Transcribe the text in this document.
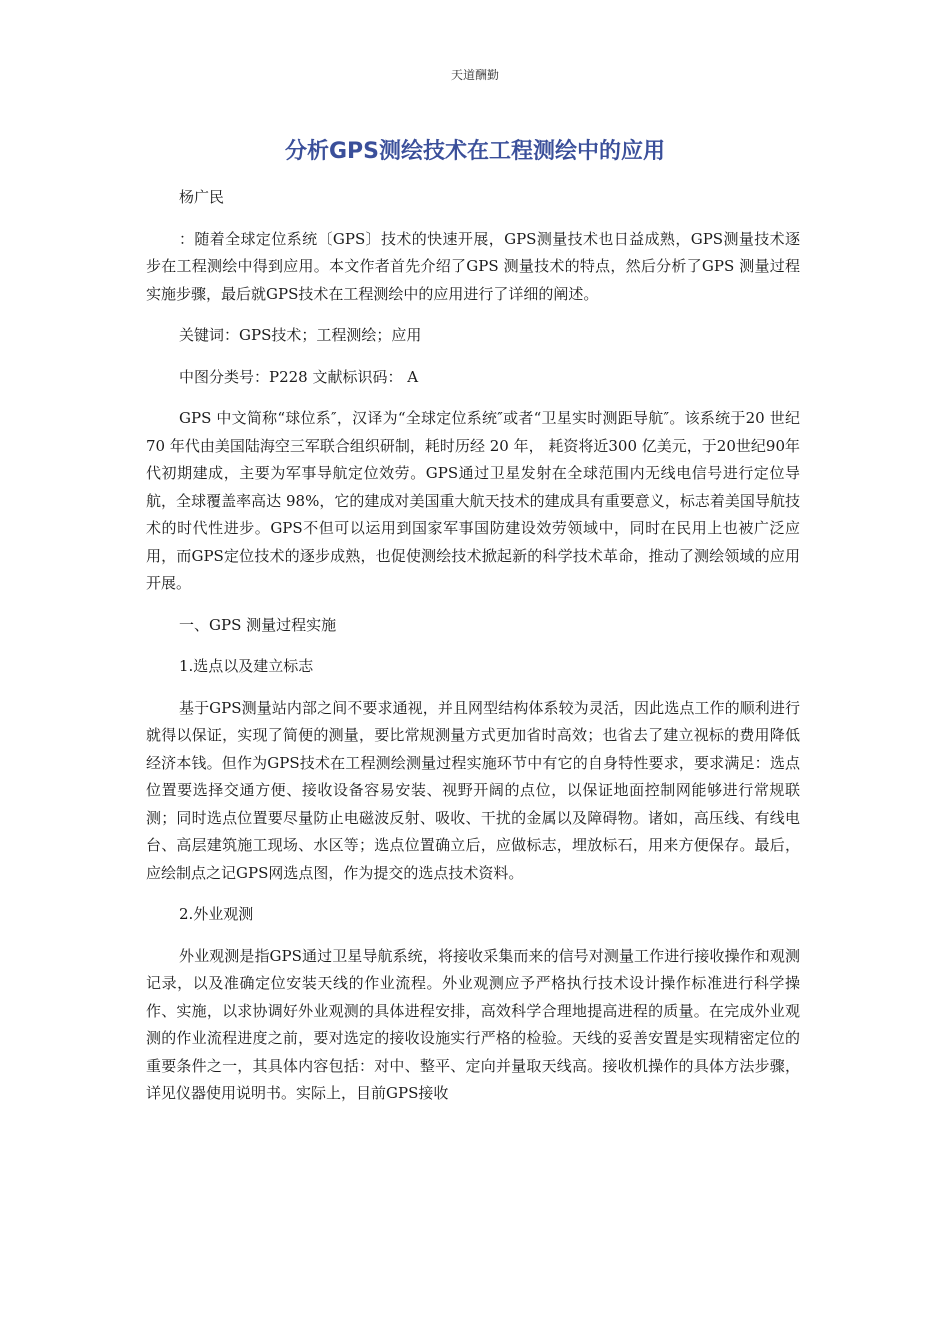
天道酬勤
分析GPS测绘技术在工程测绘中的应用

杨广民

：随着全球定位系统〔GPS〕技术的快速开展，GPS测量技术也日益成熟，GPS测量技术逐步在工程测绘中得到应用。本文作者首先介绍了GPS 测量技术的特点，然后分析了GPS 测量过程实施步骤，最后就GPS技术在工程测绘中的应用进行了详细的阐述。

关键词：GPS技术；工程测绘；应用

中图分类号：P228 文献标识码： A

GPS 中文简称“球位系″，汉译为“全球定位系统″或者“卫星实时测距导航″。该系统于20 世纪70 年代由美国陆海空三军联合组织研制，耗时历经 20 年， 耗资将近300 亿美元，于20世纪90年代初期建成，主要为军事导航定位效劳。GPS通过卫星发射在全球范围内无线电信号进行定位导航，全球覆盖率高达 98%，它的建成对美国重大航天技术的建成具有重要意义，标志着美国导航技术的时代性进步。GPS不但可以运用到国家军事国防建设效劳领域中，同时在民用上也被广泛应用，而GPS定位技术的逐步成熟，也促使测绘技术掀起新的科学技术革命，推动了测绘领域的应用开展。

一、GPS 测量过程实施

1.选点以及建立标志

基于GPS测量站内部之间不要求通视，并且网型结构体系较为灵活，因此选点工作的顺利进行就得以保证，实现了简便的测量，要比常规测量方式更加省时高效；也省去了建立视标的费用降低经济本钱。但作为GPS技术在工程测绘测量过程实施环节中有它的自身特性要求，要求满足：选点位置要选择交通方便、接收设备容易安装、视野开阔的点位，以保证地面控制网能够进行常规联测；同时选点位置要尽量防止电磁波反射、吸收、干扰的金属以及障碍物。诸如，高压线、有线电台、高层建筑施工现场、水区等；选点位置确立后，应做标志，埋放标石，用来方便保存。最后，应绘制点之记GPS网选点图，作为提交的选点技术资料。

2.外业观测

外业观测是指GPS通过卫星导航系统，将接收采集而来的信号对测量工作进行接收操作和观测记录，以及准确定位安装天线的作业流程。外业观测应予严格执行技术设计操作标准进行科学操作、实施，以求协调好外业观测的具体进程安排，高效科学合理地提高进程的质量。在完成外业观测的作业流程进度之前，要对选定的接收设施实行严格的检验。天线的妥善安置是实现精密定位的重要条件之一，其具体内容包括：对中、整平、定向并量取天线高。接收机操作的具体方法步骤，详见仪器使用说明书。实际上，目前GPS接收
